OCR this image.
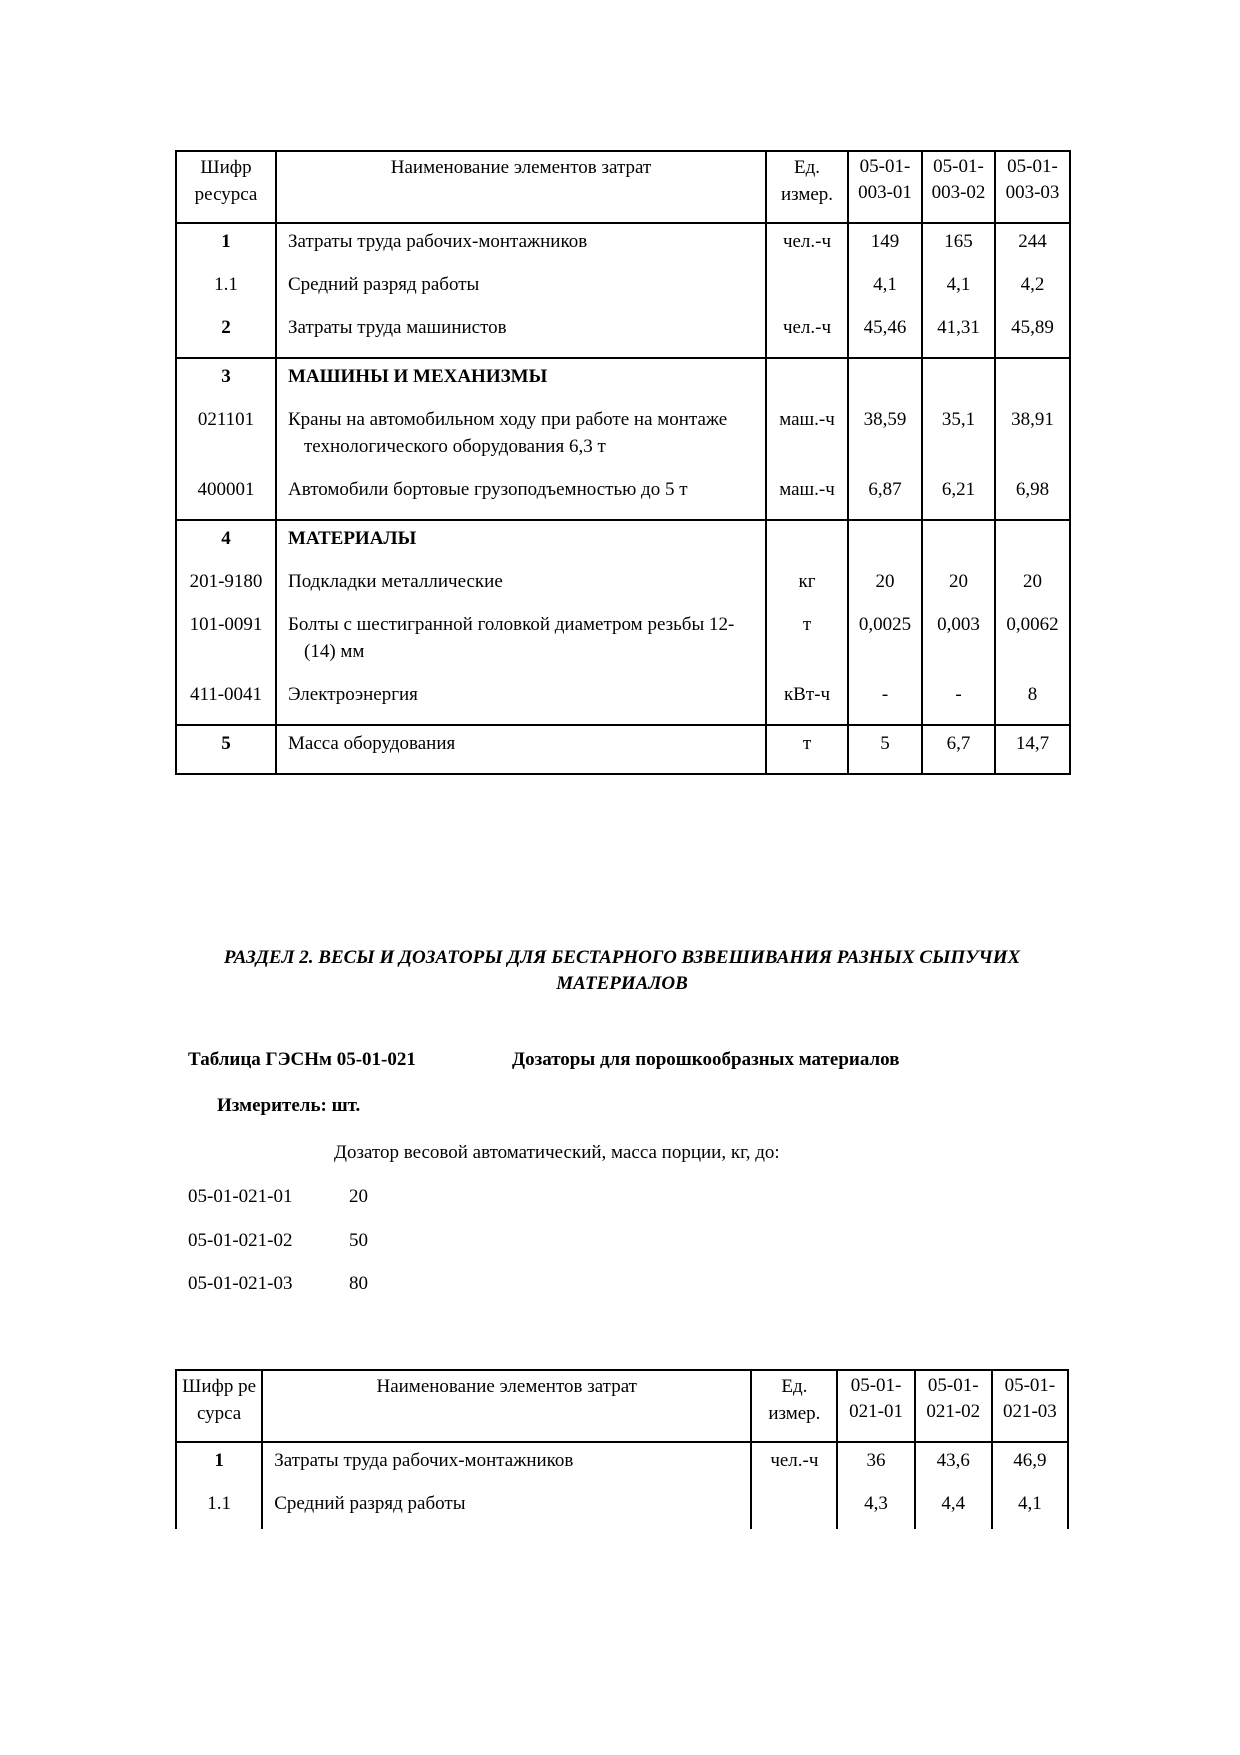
Шифр ресурса	Наименование элементов затрат	Ед. измер.	05-01-003-01	05-01-003-02	05-01-003-03
1	Затраты труда рабочих-монтажников	чел.-ч	149	165	244
1.1	Средний разряд работы		4,1	4,1	4,2
2	Затраты труда машинистов	чел.-ч	45,46	41,31	45,89
3	МАШИНЫ И МЕХАНИЗМЫ				
021101	Краны на автомобильном ходу при работе на монтаже технологического оборудования 6,3 т	маш.-ч	38,59	35,1	38,91
400001	Автомобили бортовые грузоподъемностью до 5 т	маш.-ч	6,87	6,21	6,98
4	МАТЕРИАЛЫ				
201-9180	Подкладки металлические	кг	20	20	20
101-0091	Болты с шестигранной головкой диаметром резьбы 12-(14) мм	т	0,0025	0,003	0,0062
411-0041	Электроэнергия	кВт-ч	-	-	8
5	Масса оборудования	т	5	6,7	14,7
РАЗДЕЛ 2. ВЕСЫ И ДОЗАТОРЫ ДЛЯ БЕСТАРНОГО ВЗВЕШИВАНИЯ РАЗНЫХ СЫПУЧИХ МАТЕРИАЛОВ
Таблица ГЭСНм 05-01-021	Дозаторы для порошкообразных материалов
Измеритель: шт.
Дозатор весовой автоматический, масса порции, кг, до:
05-01-021-01	20
05-01-021-02	50
05-01-021-03	80
Шифр ресурса	Наименование элементов затрат	Ед. измер.	05-01-021-01	05-01-021-02	05-01-021-03
1	Затраты труда рабочих-монтажников	чел.-ч	36	43,6	46,9
1.1	Средний разряд работы		4,3	4,4	4,1
